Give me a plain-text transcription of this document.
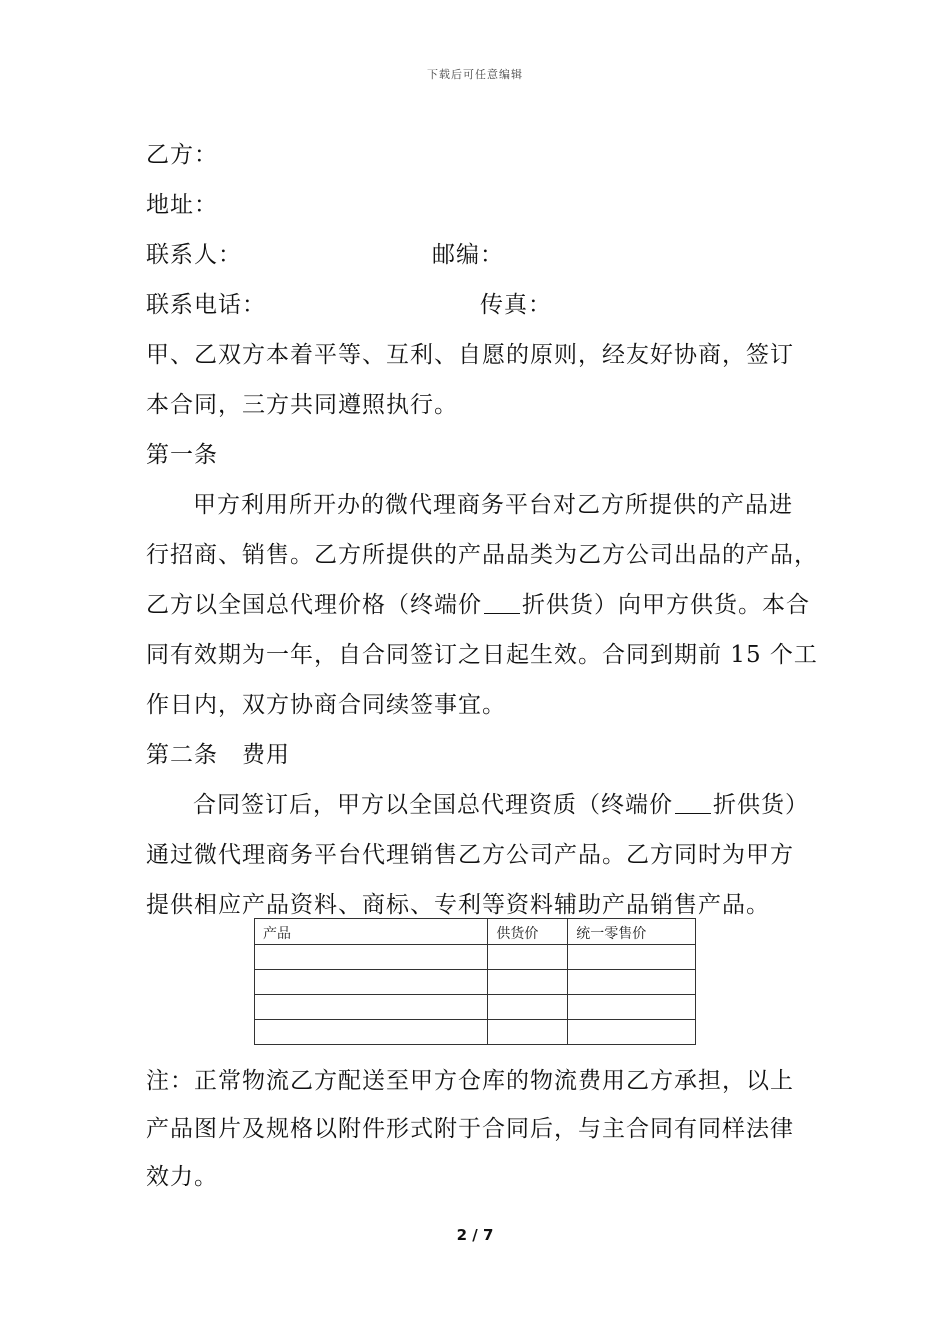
下载后可任意编辑
乙方：
地址：
联系人：	邮编：
联系电话：	传真：
甲、乙双方本着平等、互利、自愿的原则，经友好协商，签订
本合同，三方共同遵照执行。
第一条
甲方利用所开办的微代理商务平台对乙方所提供的产品进
行招商、销售。乙方所提供的产品品类为乙方公司出品的产品，
乙方以全国总代理价格（终端价 折供货）向甲方供货。本合
同有效期为一年，自合同签订之日起生效。合同到期前 15 个工
作日内，双方协商合同续签事宜。
第二条　费用
合同签订后，甲方以全国总代理资质（终端价 折供货）
通过微代理商务平台代理销售乙方公司产品。乙方同时为甲方
提供相应产品资料、商标、专利等资料辅助产品销售产品。
产品	供货价	统一零售价

注：正常物流乙方配送至甲方仓库的物流费用乙方承担，以上
产品图片及规格以附件形式附于合同后，与主合同有同样法律
效力。
2 / 7
